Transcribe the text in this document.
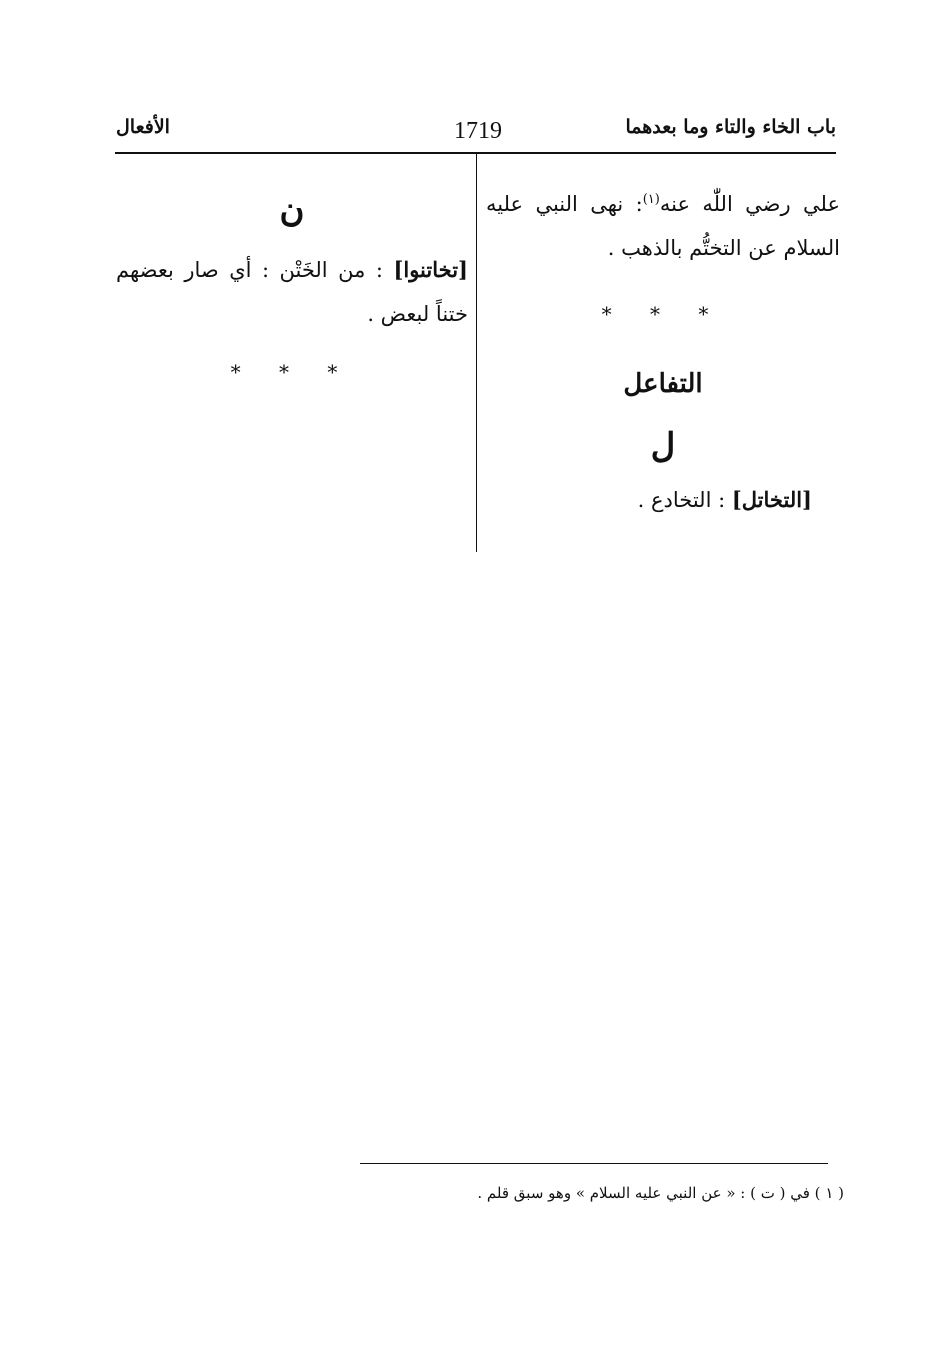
باب الخاء والتاء وما بعدهما
1719
الأفعال

علي رضي اللّٰه عنه$^{(١)}$: نهى النبي عليه السلام عن التختُّم بالذهب .

* * *
التفاعل
ل

[التخاتل] : التخادع .

ن

[تخاتنوا] : من الخَتْن : أي صار بعضهم ختناً لبعض .

* * *
( ١ ) في ( ت ) : « عن النبي عليه السلام » وهو سبق قلم .
